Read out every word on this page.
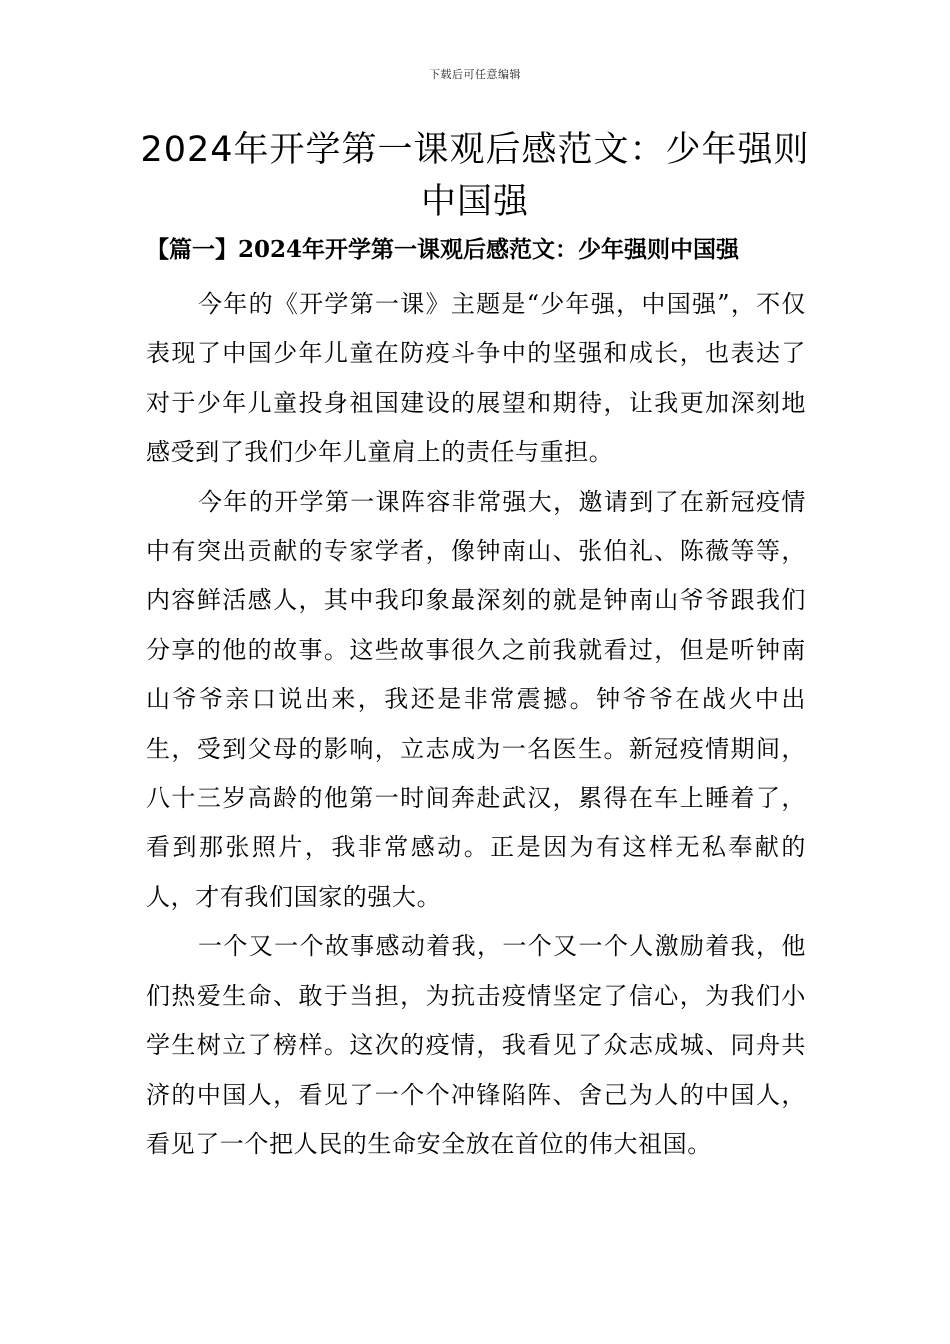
下载后可任意编辑
2024年开学第一课观后感范文：少年强则中国强
【篇一】2024年开学第一课观后感范文：少年强则中国强

今年的《开学第一课》主题是“少年强，中国强”，不仅表现了中国少年儿童在防疫斗争中的坚强和成长，也表达了对于少年儿童投身祖国建设的展望和期待，让我更加深刻地感受到了我们少年儿童肩上的责任与重担。

今年的开学第一课阵容非常强大，邀请到了在新冠疫情中有突出贡献的专家学者，像钟南山、张伯礼、陈薇等等，内容鲜活感人，其中我印象最深刻的就是钟南山爷爷跟我们分享的他的故事。这些故事很久之前我就看过，但是听钟南山爷爷亲口说出来，我还是非常震撼。钟爷爷在战火中出生，受到父母的影响，立志成为一名医生。新冠疫情期间，八十三岁高龄的他第一时间奔赴武汉，累得在车上睡着了，看到那张照片，我非常感动。正是因为有这样无私奉献的人，才有我们国家的强大。

一个又一个故事感动着我，一个又一个人激励着我，他们热爱生命、敢于当担，为抗击疫情坚定了信心，为我们小学生树立了榜样。这次的疫情，我看见了众志成城、同舟共济的中国人，看见了一个个冲锋陷阵、舍己为人的中国人，看见了一个把人民的生命安全放在首位的伟大祖国。
